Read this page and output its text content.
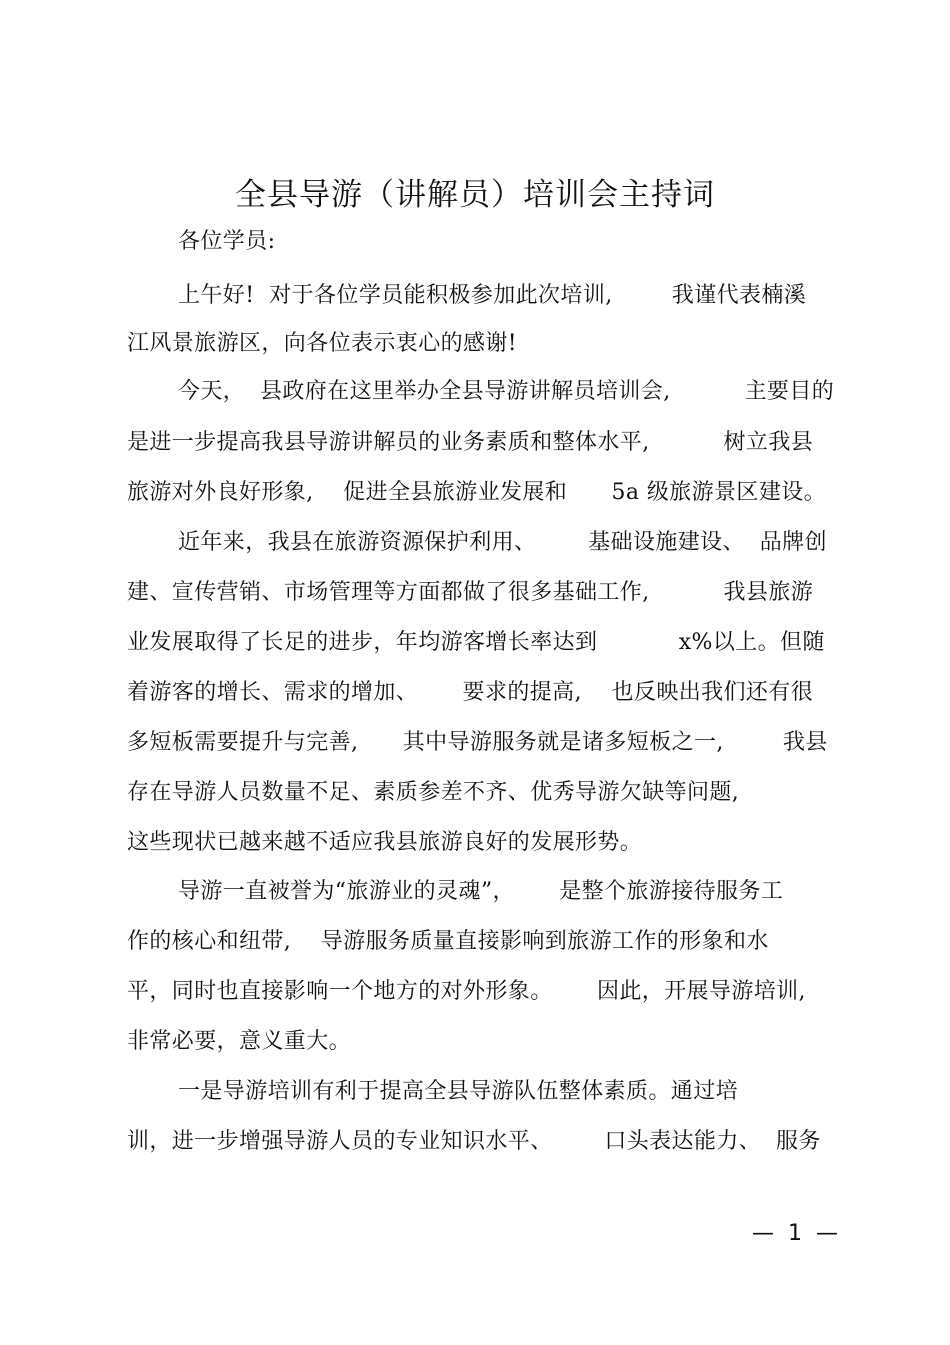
全县导游（讲解员）培训会主持词
各位学员:
上午好!  对于各位学员能积极参加此次培训,        我谨代表楠溪
江风景旅游区，向各位表示衷心的感谢!
今天，  县政府在这里举办全县导游讲解员培训会,          主要目的
是进一步提高我县导游讲解员的业务素质和整体水平,          树立我县
旅游对外良好形象,    促进全县旅游业发展和      5a 级旅游景区建设。
近年来，我县在旅游资源保护利用、       基础设施建设、  品牌创
建、宣传营销、市场管理等方面都做了很多基础工作,          我县旅游
业发展取得了长足的进步，年均游客增长率达到           x%以上。但随
着游客的增长、需求的增加、      要求的提高,    也反映出我们还有很
多短板需要提升与完善,      其中导游服务就是诸多短板之一,        我县
存在导游人员数量不足、素质参差不齐、优秀导游欠缺等问题,
这些现状已越来越不适应我县旅游良好的发展形势。
导游一直被誉为“旅游业的灵魂”，      是整个旅游接待服务工
作的核心和纽带,    导游服务质量直接影响到旅游工作的形象和水
平，同时也直接影响一个地方的对外形象。      因此，开展导游培训,
非常必要，意义重大。
一是导游培训有利于提高全县导游队伍整体素质。通过培
训，进一步增强导游人员的专业知识水平、       口头表达能力、  服务
—  1  —
